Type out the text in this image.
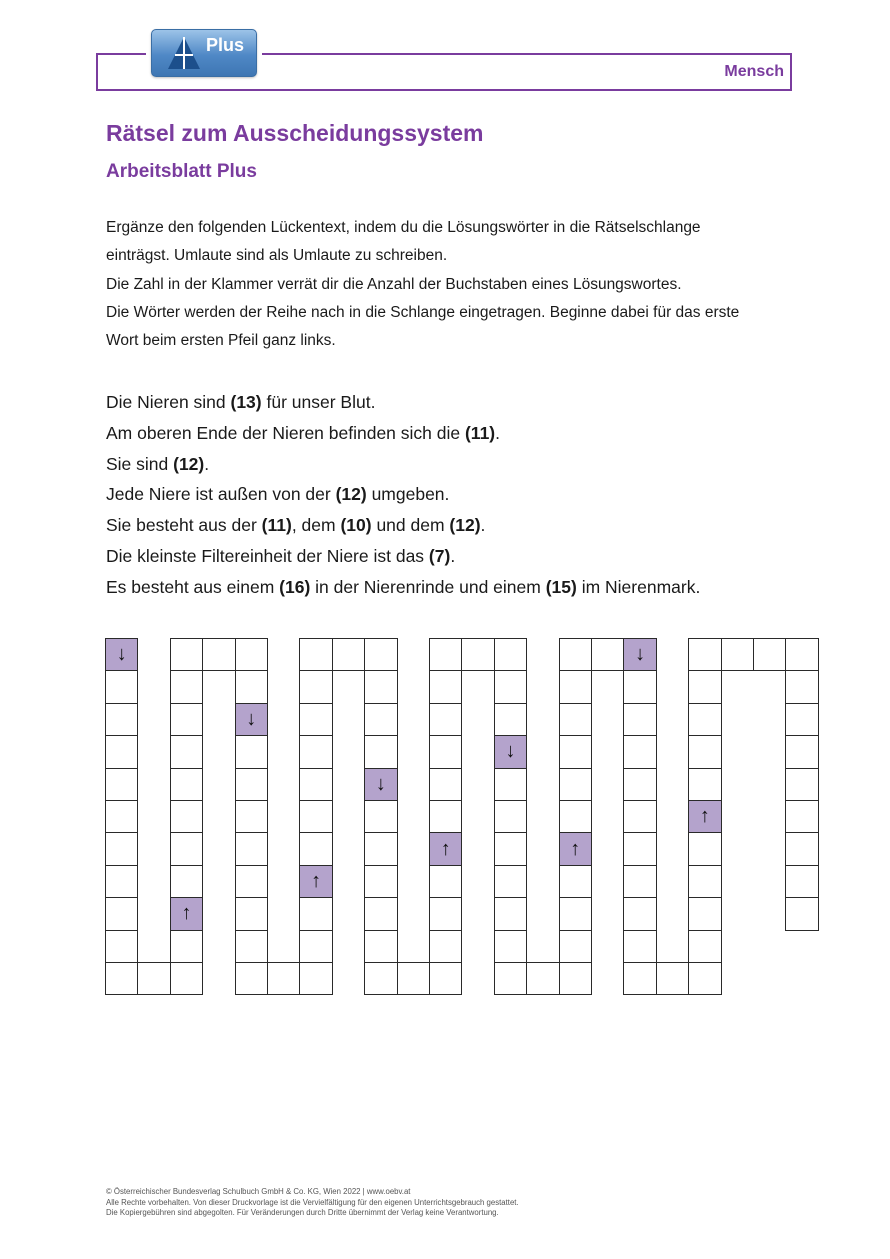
Plus
Mensch
Rätsel zum Ausscheidungssystem
Arbeitsblatt Plus
Ergänze den folgenden Lückentext, indem du die Lösungswörter in die Rätselschlange
einträgst. Umlaute sind als Umlaute zu schreiben.
Die Zahl in der Klammer verrät dir die Anzahl der Buchstaben eines Lösungswortes.
Die Wörter werden der Reihe nach in die Schlange eingetragen. Beginne dabei für das erste
Wort beim ersten Pfeil ganz links.
Die Nieren sind (13) für unser Blut.
Am oberen Ende der Nieren befinden sich die (11).
Sie sind (12).
Jede Niere ist außen von der (12) umgeben.
Sie besteht aus der (11), dem (10) und dem (12).
Die kleinste Filtereinheit der Niere ist das (7).
Es besteht aus einem (16) in der Nierenrinde und einem (15) im Nierenmark.
↓
↑
↓
↑
↓
↑
↓
↑
↓
↑
© Österreichischer Bundesverlag Schulbuch GmbH & Co. KG, Wien 2022 | www.oebv.at
Alle Rechte vorbehalten. Von dieser Druckvorlage ist die Vervielfältigung für den eigenen Unterrichtsgebrauch gestattet.
Die Kopiergebühren sind abgegolten. Für Veränderungen durch Dritte übernimmt der Verlag keine Verantwortung.
